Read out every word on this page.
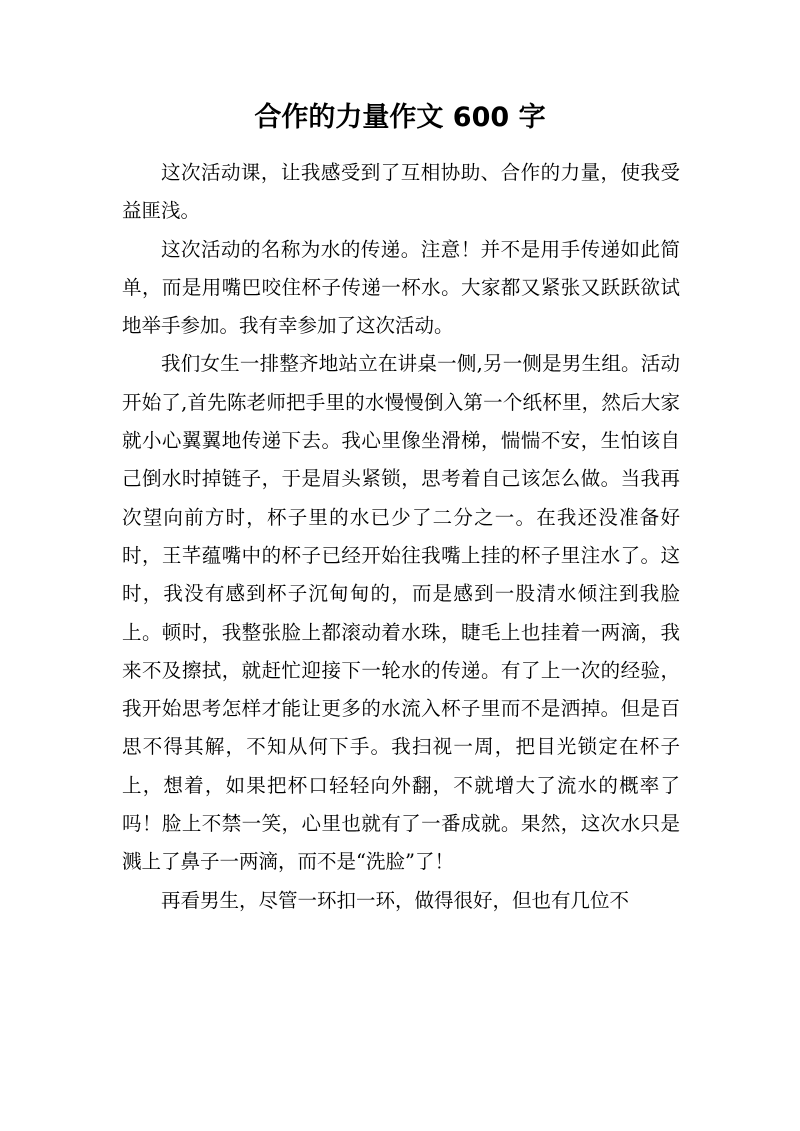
合作的力量作文 600 字

这次活动课，让我感受到了互相协助、合作的力量，使我受益匪浅。

这次活动的名称为水的传递。注意！并不是用手传递如此简单，而是用嘴巴咬住杯子传递一杯水。大家都又紧张又跃跃欲试地举手参加。我有幸参加了这次活动。

我们女生一排整齐地站立在讲桌一侧,另一侧是男生组。活动开始了,首先陈老师把手里的水慢慢倒入第一个纸杯里，然后大家就小心翼翼地传递下去。我心里像坐滑梯，惴惴不安，生怕该自己倒水时掉链子，于是眉头紧锁，思考着自己该怎么做。当我再次望向前方时，杯子里的水已少了二分之一。在我还没准备好时，王芊蕴嘴中的杯子已经开始往我嘴上挂的杯子里注水了。这时，我没有感到杯子沉甸甸的，而是感到一股清水倾注到我脸上。顿时，我整张脸上都滚动着水珠，睫毛上也挂着一两滴，我来不及擦拭，就赶忙迎接下一轮水的传递。有了上一次的经验，我开始思考怎样才能让更多的水流入杯子里而不是洒掉。但是百思不得其解，不知从何下手。我扫视一周，把目光锁定在杯子上，想着，如果把杯口轻轻向外翻，不就增大了流水的概率了吗！脸上不禁一笑，心里也就有了一番成就。果然，这次水只是溅上了鼻子一两滴，而不是“洗脸”了！

再看男生，尽管一环扣一环，做得很好，但也有几位不
